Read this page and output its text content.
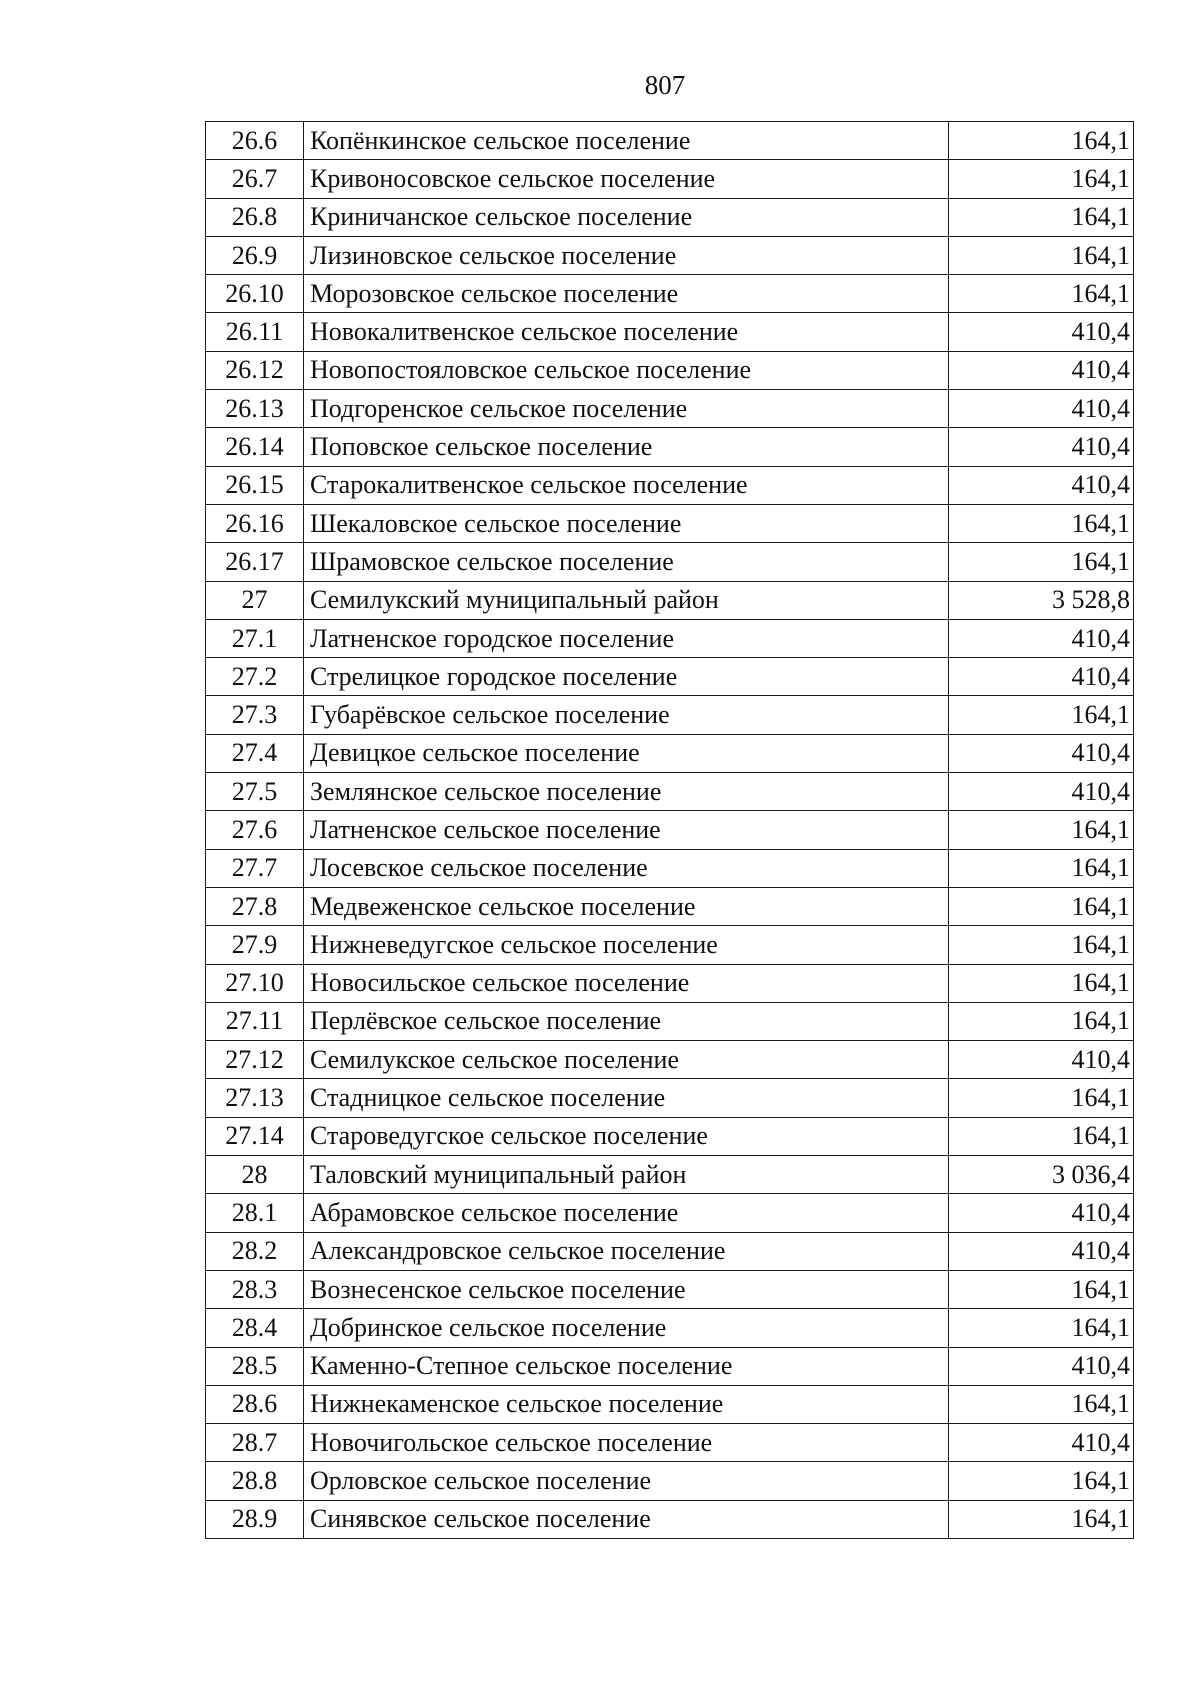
807
26.6	Копёнкинское сельское поселение	164,1
26.7	Кривоносовское сельское поселение	164,1
26.8	Криничанское сельское поселение	164,1
26.9	Лизиновское сельское поселение	164,1
26.10	Морозовское сельское поселение	164,1
26.11	Новокалитвенское сельское поселение	410,4
26.12	Новопостояловское сельское поселение	410,4
26.13	Подгоренское сельское поселение	410,4
26.14	Поповское сельское поселение	410,4
26.15	Старокалитвенское сельское поселение	410,4
26.16	Шекаловское сельское поселение	164,1
26.17	Шрамовское сельское поселение	164,1
27	Семилукский муниципальный район	3 528,8
27.1	Латненское городское поселение	410,4
27.2	Стрелицкое городское поселение	410,4
27.3	Губарёвское сельское поселение	164,1
27.4	Девицкое сельское поселение	410,4
27.5	Землянское сельское поселение	410,4
27.6	Латненское сельское поселение	164,1
27.7	Лосевское сельское поселение	164,1
27.8	Медвеженское сельское поселение	164,1
27.9	Нижневедугское сельское поселение	164,1
27.10	Новосильское сельское поселение	164,1
27.11	Перлёвское сельское поселение	164,1
27.12	Семилукское сельское поселение	410,4
27.13	Стадницкое сельское поселение	164,1
27.14	Староведугское сельское поселение	164,1
28	Таловский муниципальный район	3 036,4
28.1	Абрамовское сельское поселение	410,4
28.2	Александровское сельское поселение	410,4
28.3	Вознесенское сельское поселение	164,1
28.4	Добринское сельское поселение	164,1
28.5	Каменно-Степное сельское поселение	410,4
28.6	Нижнекаменское сельское поселение	164,1
28.7	Новочигольское сельское поселение	410,4
28.8	Орловское сельское поселение	164,1
28.9	Синявское сельское поселение	164,1
